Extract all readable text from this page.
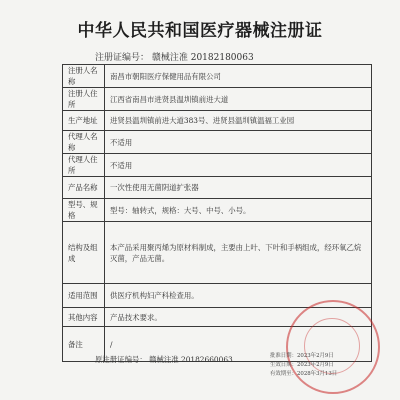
中华人民共和国医疗器械注册证
注册证编号： 赣械注准 20182180063
注册人名称	南昌市朝阳医疗保健用品有限公司
注册人住所	江西省南昌市进贤县温圳镇前进大道
生产地址	进贤县温圳镇前进大道383号、进贤县温圳镇温福工业园
代理人名称	不适用
代理人住所	不适用
产品名称	一次性使用无菌阴道扩张器
型号、规格	型号：轴转式，规格：大号、中号、小号。
结构及组成	本产品采用聚丙烯为原材料制成，主要由上叶、下叶和手柄组成，经环氧乙烷灭菌，产品无菌。
适用范围	供医疗机构妇产科检查用。
其他内容	产品技术要求。
备注	/
原注册证编号： 赣械注准 20182660063	批准日期：2023年2月9日
生效日期：2023年2月9日
有效期至：2028年3月13日
